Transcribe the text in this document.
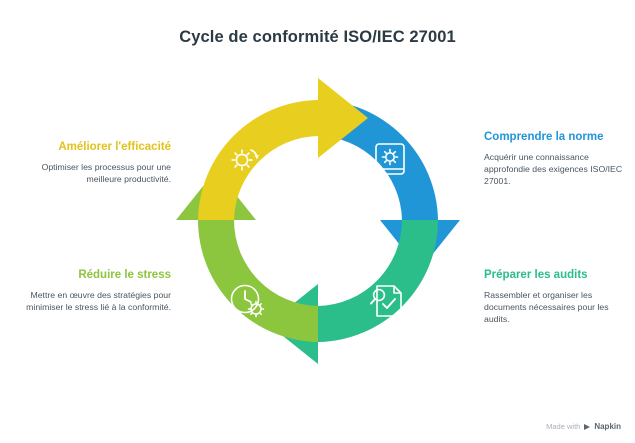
Cycle de conformité ISO/IEC 27001
Améliorer l'efficacité
Optimiser les processus pour une meilleure productivité.
Réduire le stress
Mettre en œuvre des stratégies pour minimiser le stress lié à la conformité.
Comprendre la norme
Acquérir une connaissance approfondie des exigences ISO/IEC 27001.
Préparer les audits
Rassembler et organiser les documents nécessaires pour les audits.
Made with Napkin
